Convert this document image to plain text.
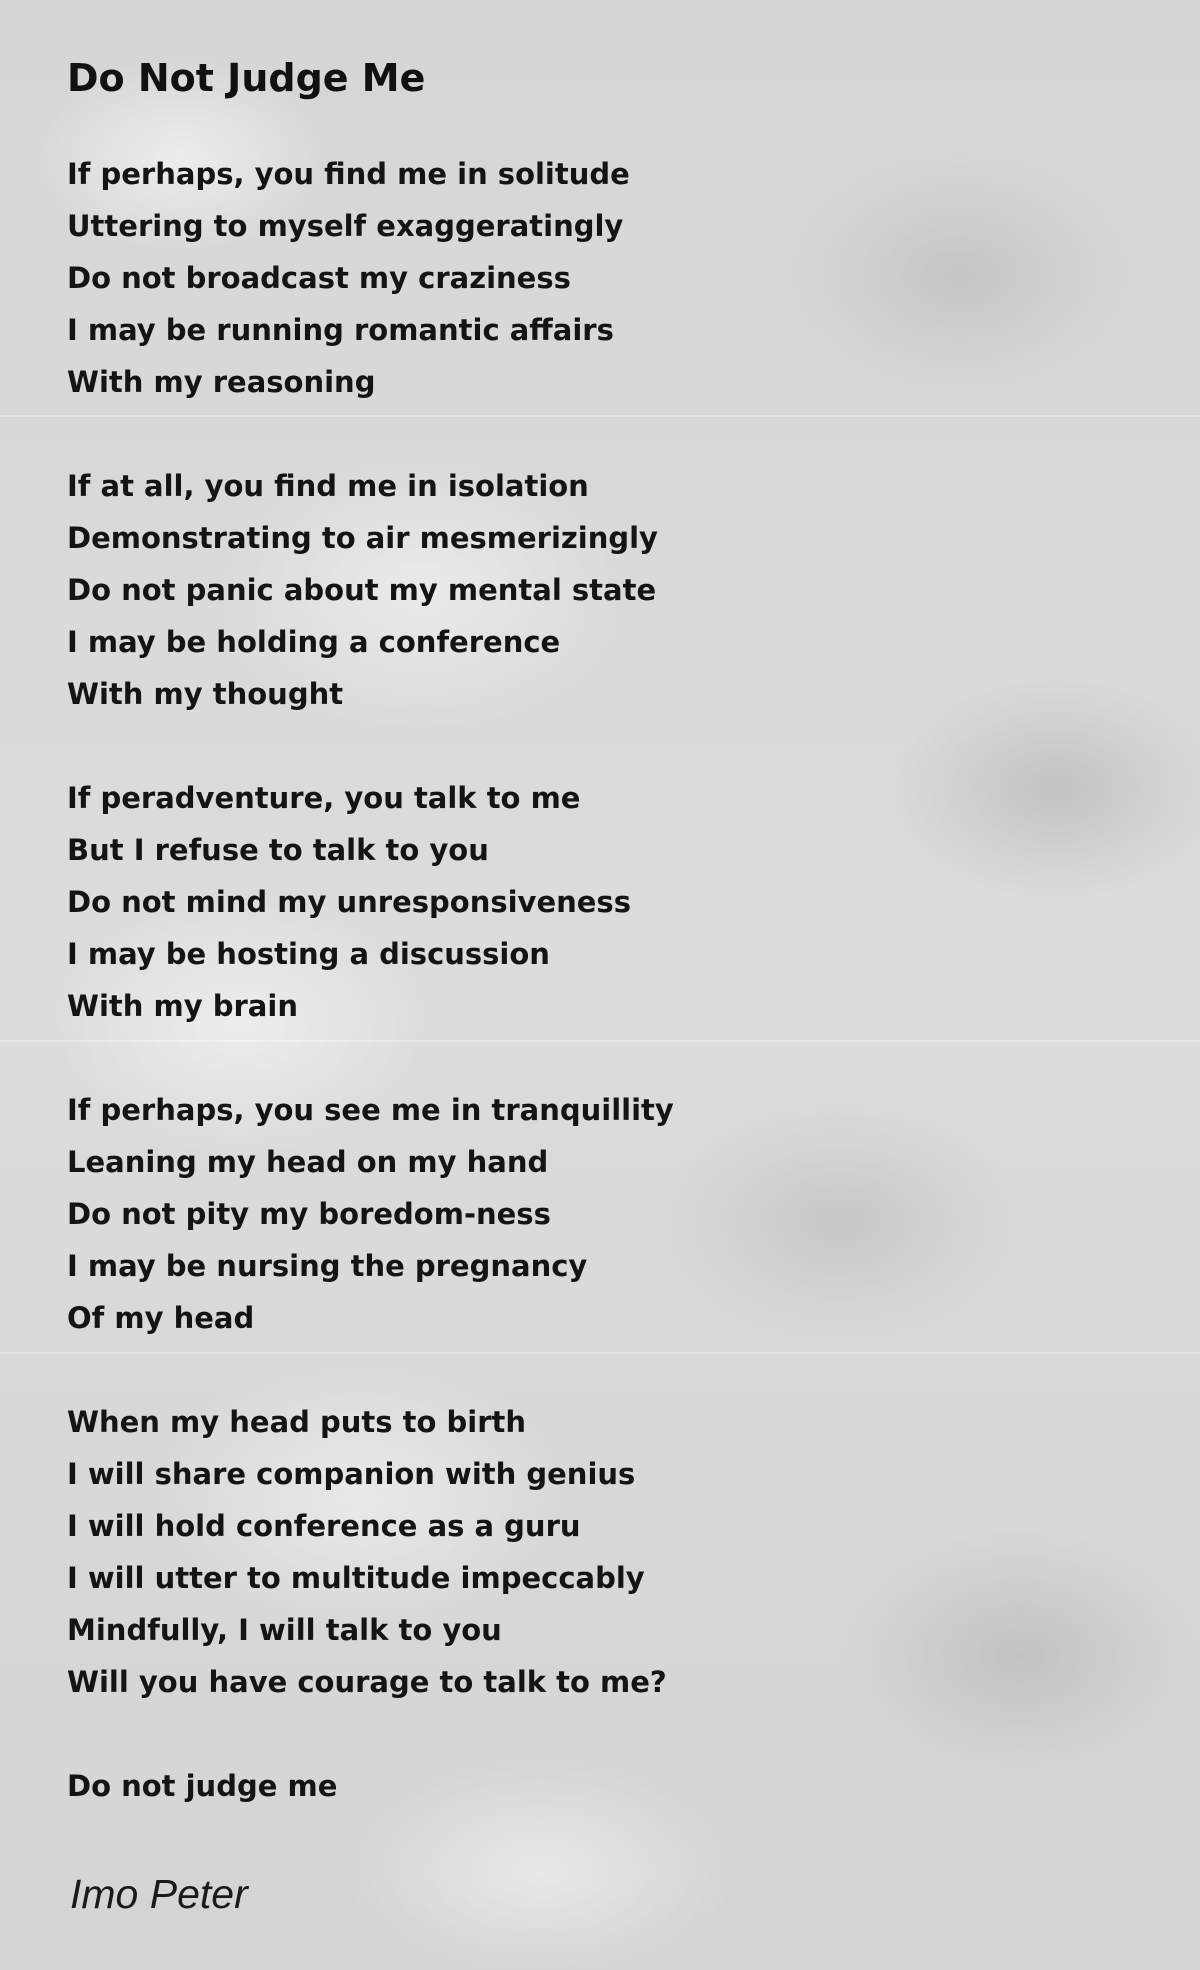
Do Not Judge Me
If perhaps, you find me in solitude
Uttering to myself exaggeratingly
Do not broadcast my craziness
I may be running romantic affairs
With my reasoning
If at all, you find me in isolation
Demonstrating to air mesmerizingly
Do not panic about my mental state
I may be holding a conference
With my thought
If peradventure, you talk to me
But I refuse to talk to you
Do not mind my unresponsiveness
I may be hosting a discussion
With my brain
If perhaps, you see me in tranquillity
Leaning my head on my hand
Do not pity my boredom-ness
I may be nursing the pregnancy
Of my head
When my head puts to birth
I will share companion with genius
I will hold conference as a guru
I will utter to multitude impeccably
Mindfully, I will talk to you
Will you have courage to talk to me?
Do not judge me
Imo Peter
